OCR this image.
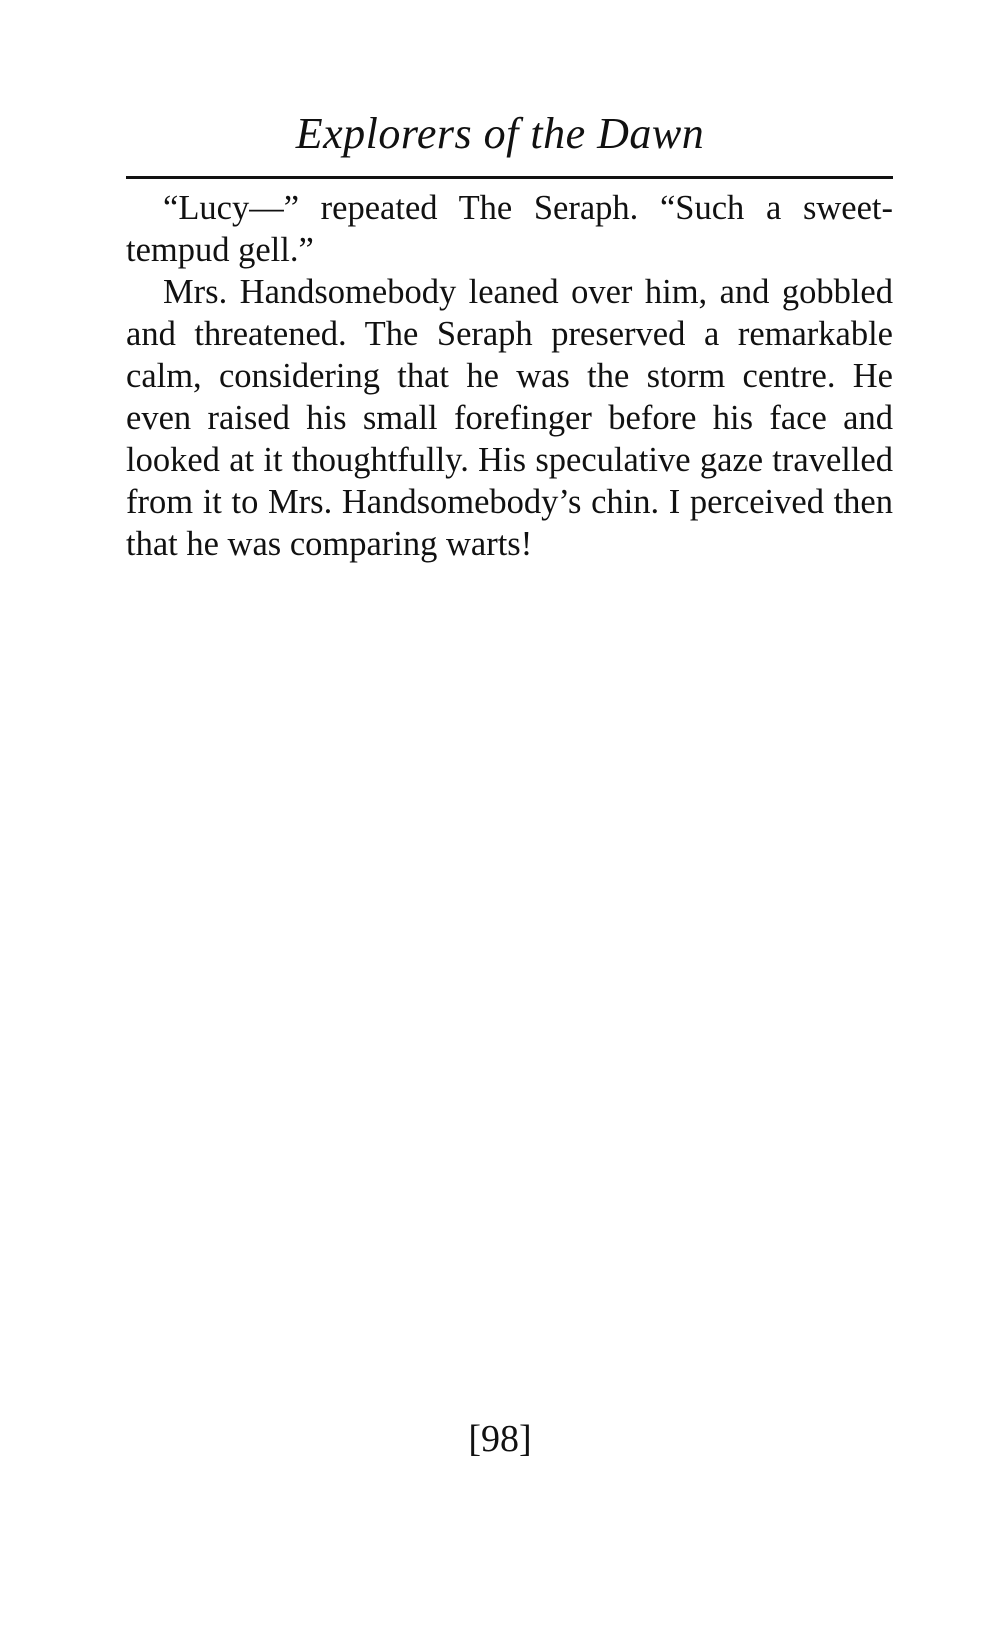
Explorers of the Dawn

“Lucy—” repeated The Seraph. “Such a sweet-tempud gell.”

Mrs. Handsomebody leaned over him, and gobbled and threatened. The Seraph preserved a remarkable calm, considering that he was the storm centre. He even raised his small forefinger before his face and looked at it thoughtfully. His speculative gaze travelled from it to Mrs. Handsomebody’s chin. I perceived then that he was comparing warts!

[98]
